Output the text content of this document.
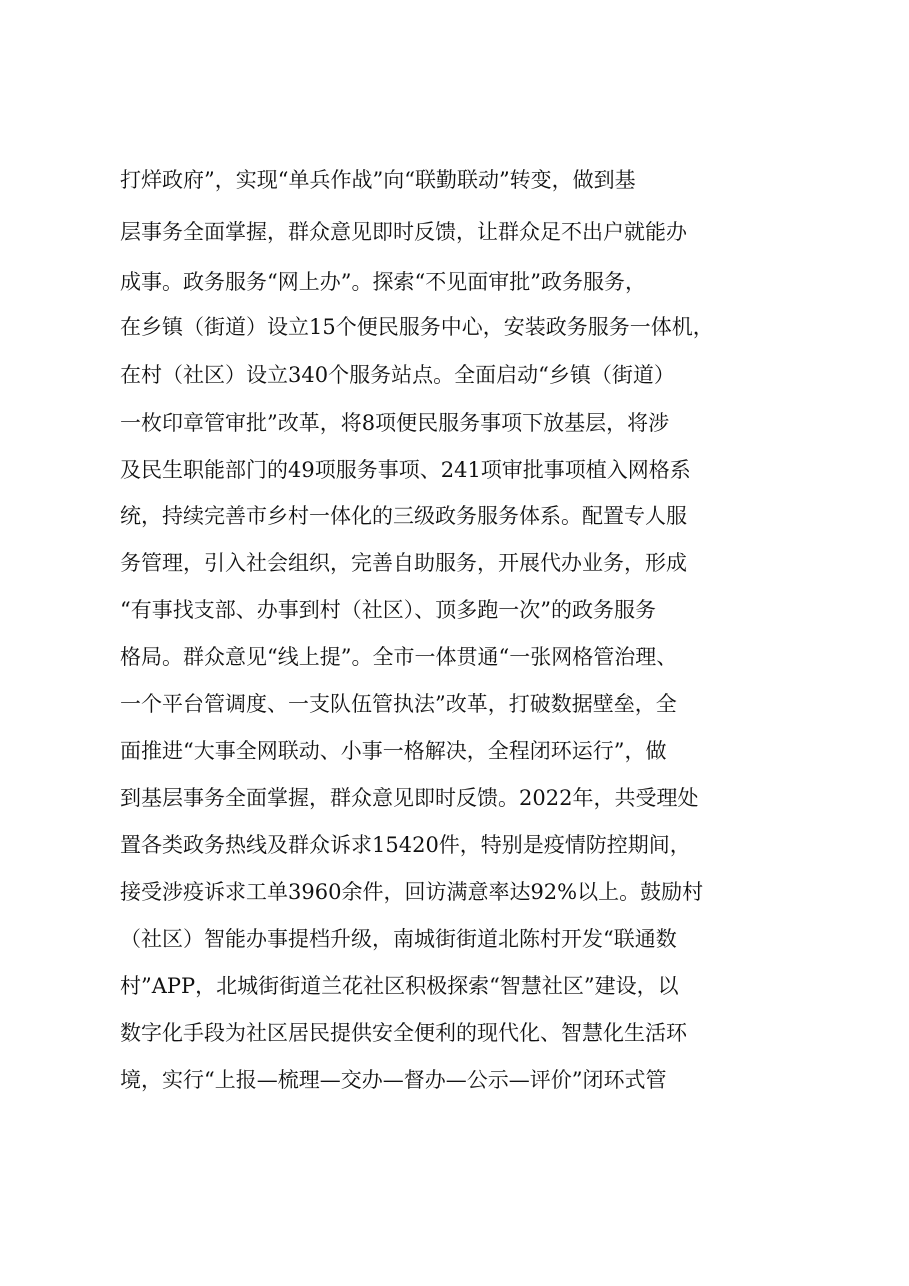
打烊政府”，实现“单兵作战”向“联勤联动”转变，做到基
层事务全面掌握，群众意见即时反馈，让群众足不出户就能办
成事。政务服务“网上办”。探索“不见面审批”政务服务，
在乡镇（街道）设立15个便民服务中心，安装政务服务一体机，
在村（社区）设立340个服务站点。全面启动“乡镇（街道）
一枚印章管审批”改革，将8项便民服务事项下放基层，将涉
及民生职能部门的49项服务事项、241项审批事项植入网格系
统，持续完善市乡村一体化的三级政务服务体系。配置专人服
务管理，引入社会组织，完善自助服务，开展代办业务，形成
“有事找支部、办事到村（社区）、顶多跑一次”的政务服务
格局。群众意见“线上提”。全市一体贯通“一张网格管治理、
一个平台管调度、一支队伍管执法”改革，打破数据壁垒，全
面推进“大事全网联动、小事一格解决，全程闭环运行”，做
到基层事务全面掌握，群众意见即时反馈。2022年，共受理处
置各类政务热线及群众诉求15420件，特别是疫情防控期间，
接受涉疫诉求工单3960余件，回访满意率达92%以上。鼓励村
（社区）智能办事提档升级，南城街街道北陈村开发“联通数
村”APP，北城街街道兰花社区积极探索“智慧社区”建设，以
数字化手段为社区居民提供安全便利的现代化、智慧化生活环
境，实行“上报—梳理—交办—督办—公示—评价”闭环式管
